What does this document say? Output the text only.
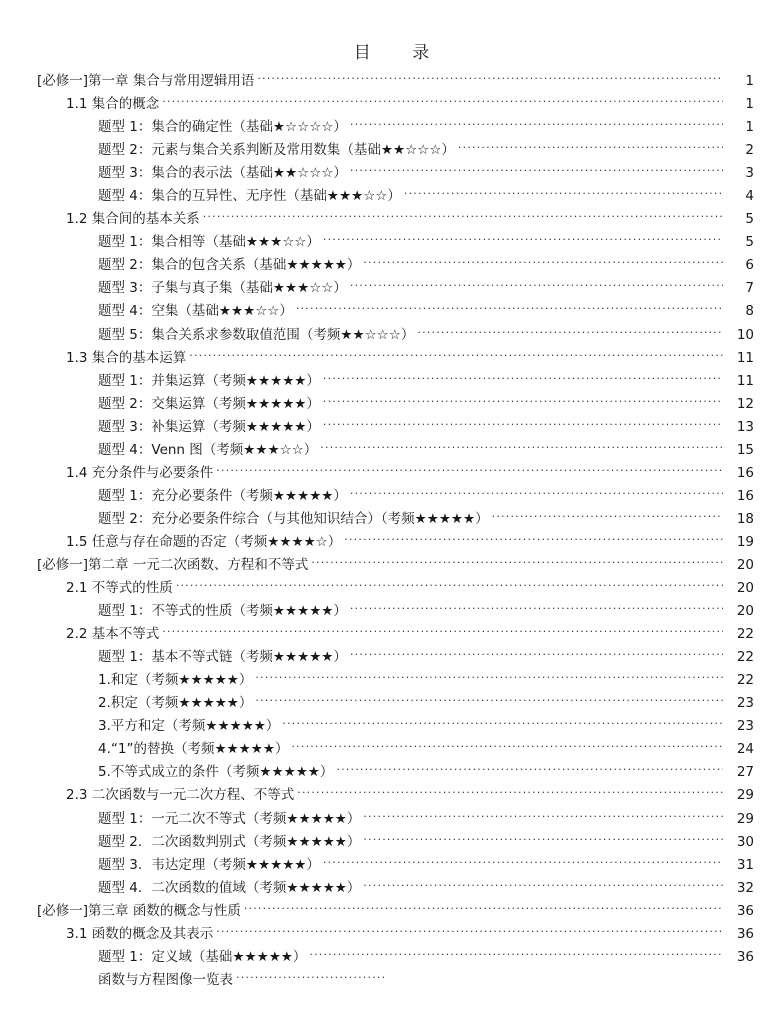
目 录
[必修一]第一章 集合与常用逻辑用语 .....	1
1.1 集合的概念 .....	1
题型 1：集合的确定性（基础★☆☆☆☆） .....	1
题型 2：元素与集合关系判断及常用数集（基础★★☆☆☆） .....	2
题型 3：集合的表示法（基础★★☆☆☆） .....	3
题型 4：集合的互异性、无序性（基础★★★☆☆） .....	4
1.2 集合间的基本关系 .....	5
题型 1：集合相等（基础★★★☆☆） .....	5
题型 2：集合的包含关系（基础★★★★★） .....	6
题型 3：子集与真子集（基础★★★☆☆） .....	7
题型 4：空集（基础★★★☆☆） .....	8
题型 5：集合关系求参数取值范围（考频★★☆☆☆） .....	10
1.3 集合的基本运算 .....	11
题型 1：并集运算（考频★★★★★） .....	11
题型 2：交集运算（考频★★★★★） .....	12
题型 3：补集运算（考频★★★★★） .....	13
题型 4：Venn 图（考频★★★☆☆） .....	15
1.4 充分条件与必要条件 .....	16
题型 1：充分必要条件（考频★★★★★） .....	16
题型 2：充分必要条件综合（与其他知识结合）（考频★★★★★） .....	18
1.5 任意与存在命题的否定（考频★★★★☆） .....	19
[必修一]第二章 一元二次函数、方程和不等式 .....	20
2.1 不等式的性质 .....	20
题型 1：不等式的性质（考频★★★★★） .....	20
2.2 基本不等式 .....	22
题型 1：基本不等式链（考频★★★★★） .....	22
1.和定（考频★★★★★） .....	22
2.积定（考频★★★★★） .....	23
3.平方和定（考频★★★★★） .....	23
4.“1”的替换（考频★★★★★） .....	24
5.不等式成立的条件（考频★★★★★） .....	27
2.3 二次函数与一元二次方程、不等式 .....	29
题型 1：一元二次不等式（考频★★★★★） .....	29
题型 2．二次函数判别式（考频★★★★★） .....	30
题型 3．韦达定理（考频★★★★★） .....	31
题型 4．二次函数的值域（考频★★★★★） .....	32
[必修一]第三章 函数的概念与性质 .....	36
3.1 函数的概念及其表示 .....	36
题型 1：定义域（基础★★★★★） .....	36
函数与方程图像一览表
.....
